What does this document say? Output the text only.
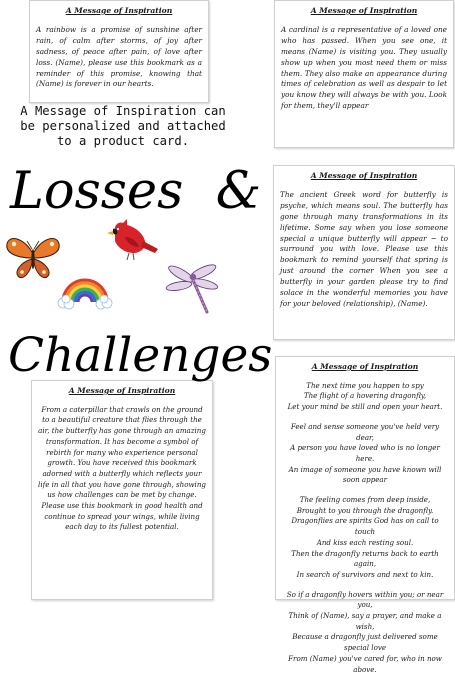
A Message of Inspiration

A rainbow is a promise of sunshine after rain, of calm after storms, of joy after sadness, of peace after pain, of love after loss. (Name), please use this bookmark as a reminder of this promise, knowing that (Name) is forever in our hearts.

A Message of Inspiration

A cardinal is a representative of a loved one who has passed. When you see one, it means (Name) is visiting you. They usually show up when you most need them or miss them. They also make an appearance during times of celebration as well as despair to let you know they will always be with you. Look for them, they'll appear

A Message of Inspiration

The ancient Greek word for butterfly is psyche, which means soul. The butterfly has gone through many transformations in its lifetime. Some say when you lose someone special a unique butterfly will appear ~ to surround you with love. Please use this bookmark to remind yourself that spring is just around the corner When you see a butterfly in your garden please try to find solace in the wonderful memories you have for your beloved (relationship), (Name).

A Message of Inspiration

From a caterpillar that crawls on the ground to a beautiful creature that flies through the air, the butterfly has gone through an amazing transformation. It has become a symbol of rebirth for many who experience personal growth. You have received this bookmark adorned with a butterfly which reflects your life in all that you have gone through, showing us how challenges can be met by change. Please use this bookmark in good health and continue to spread your wings, while living each day to its fullest potential.

A Message of Inspiration

The next time you happen to spy
The flight of a hovering dragonfly,
Let your mind be still and open your heart.

Feel and sense someone you've held very dear,
A person you have loved who is no longer here.
An image of someone you have known will soon appear

The feeling comes from deep inside,
Brought to you through the dragonfly.
Dragonflies are spirits God has on call to touch
And kiss each resting soul.
Then the dragonfly returns back to earth again,
In search of survivors and next to kin.

So if a dragonfly hovers within you; or near you,
Think of (Name), say a prayer, and make a wish,
Because a dragonfly just delivered some special love
From (Name) you've cared for, who in now above.

A Message of Inspiration can be personalized and attached to a product card.
Losses  &
Challenges
